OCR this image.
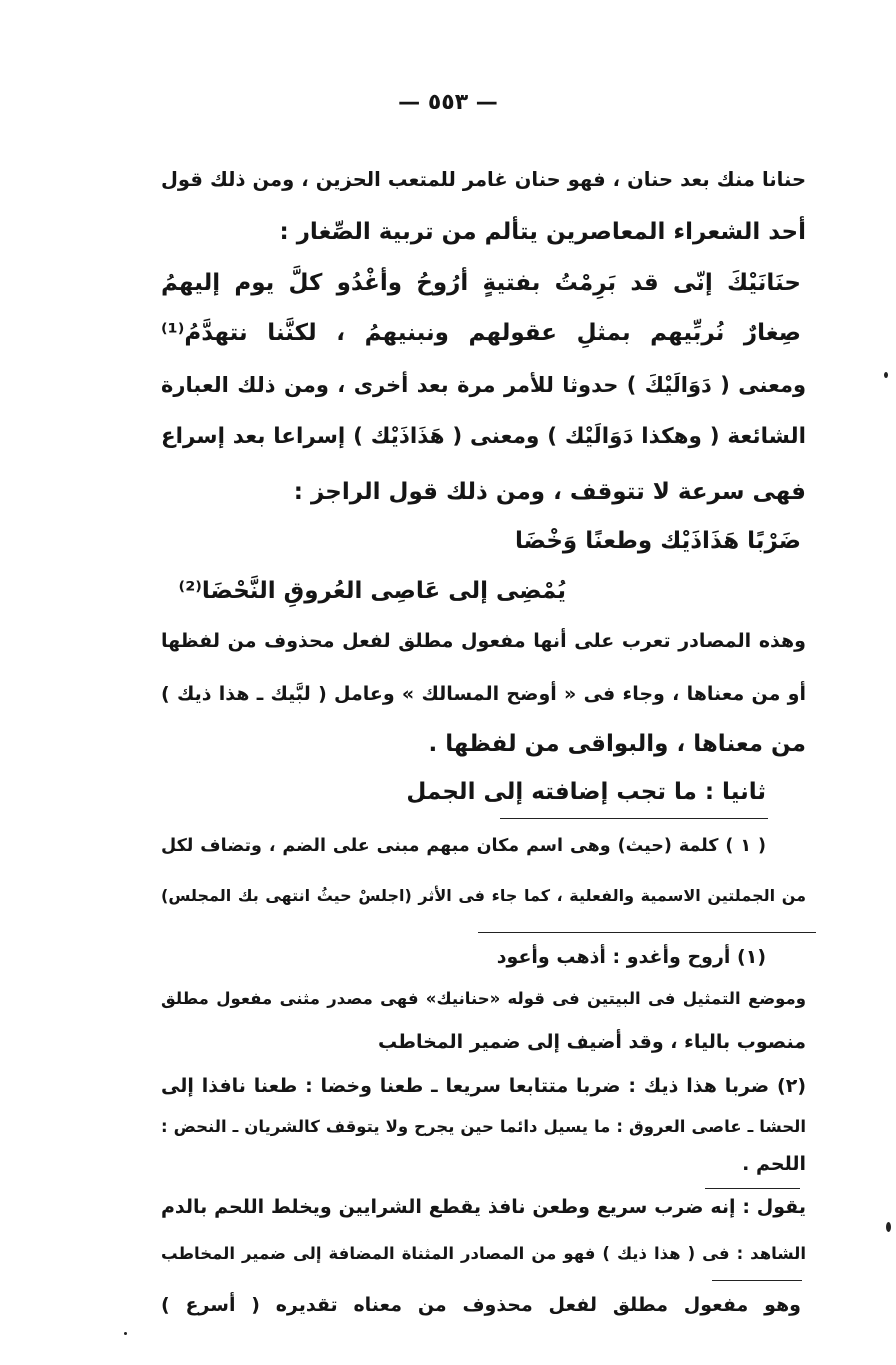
— ٥٥٣ —
حنانا منك بعد حنان ، فهو حنان غامر للمتعب الحزين ، ومن ذلك قول
أحد الشعراء المعاصرين يتألم من تربية الصِّغار :
حنَانَيْكَ إنّى قد بَرِمْتُ بفتيةٍ أرُوحُ وأغْدُو كلَّ يوم إليهمُ
صِغارٌ نُربِّيهم بمثلِ عقولهم ونبنيهمُ ، لكنَّنا نتهدَّمُ⁽¹⁾
ومعنى ( دَوَالَيْكَ ) حدوثا للأمر مرة بعد أخرى ، ومن ذلك العبارة
الشائعة ( وهكذا دَوَالَيْك ) ومعنى ( هَذَاذَيْك ) إسراعا بعد إسراع
فهى سرعة لا تتوقف ، ومن ذلك قول الراجز :
ضَرْبًا هَذَاذَيْك وطعنًا وَخْضَا
يُمْضِى إلى عَاصِى العُروقِ النَّحْضَا⁽²⁾
وهذه المصادر تعرب على أنها مفعول مطلق لفعل محذوف من لفظها
أو من معناها ، وجاء فى « أوضح المسالك » وعامل ( لبَّيك ـ هذا ذيك )
من معناها ، والبواقى من لفظها .
ثانيا : ما تجب إضافته إلى الجمل
( ١ ) كلمة (حيث) وهى اسم مكان مبهم مبنى على الضم ، وتضاف لكل
من الجملتين الاسمية والفعلية ، كما جاء فى الأثر (اجلسْ حيثُ انتهى بك المجلس)
(١) أروح وأغدو : أذهب وأعود
وموضع التمثيل فى البيتين فى قوله «حنانيك» فهى مصدر مثنى مفعول مطلق
منصوب بالياء ، وقد أضيف إلى ضمير المخاطب
(٢) ضربا هذا ذيك : ضربا متتابعا سريعا ـ طعنا وخضا : طعنا نافذا إلى
الحشا ـ عاصى العروق : ما يسيل دائما حين يجرح ولا يتوقف كالشريان ـ النحض :
اللحم .
يقول : إنه ضرب سريع وطعن نافذ يقطع الشرايين ويخلط اللحم بالدم
الشاهد : فى ( هذا ذيك ) فهو من المصادر المثناة المضافة إلى ضمير المخاطب
وهو مفعول مطلق لفعل محذوف من معناه تقديره ( أسرع )
